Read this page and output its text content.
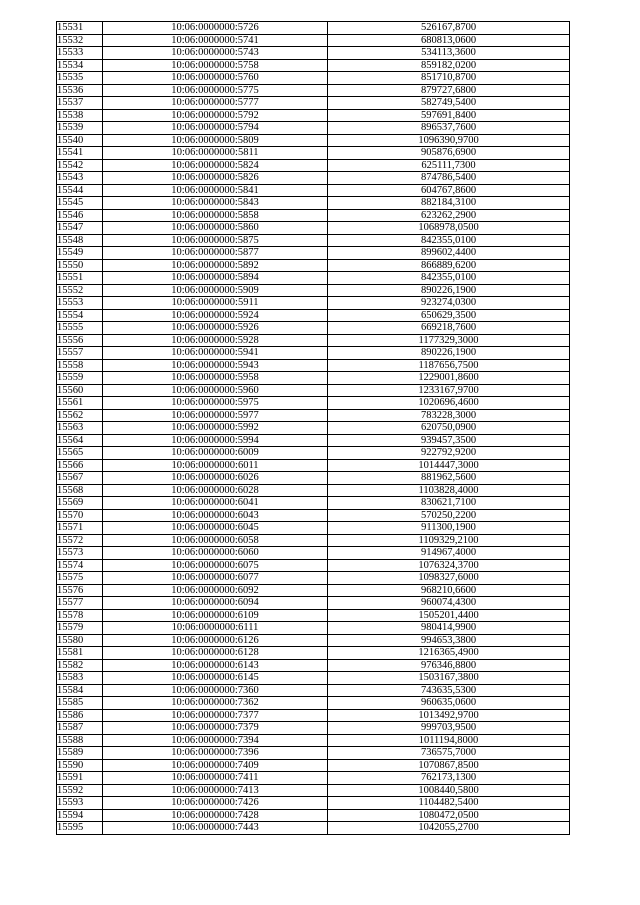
15531	10:06:0000000:5726	526167,8700
15532	10:06:0000000:5741	680813,0600
15533	10:06:0000000:5743	534113,3600
15534	10:06:0000000:5758	859182,0200
15535	10:06:0000000:5760	851710,8700
15536	10:06:0000000:5775	879727,6800
15537	10:06:0000000:5777	582749,5400
15538	10:06:0000000:5792	597691,8400
15539	10:06:0000000:5794	896537,7600
15540	10:06:0000000:5809	1096390,9700
15541	10:06:0000000:5811	905876,6900
15542	10:06:0000000:5824	625111,7300
15543	10:06:0000000:5826	874786,5400
15544	10:06:0000000:5841	604767,8600
15545	10:06:0000000:5843	882184,3100
15546	10:06:0000000:5858	623262,2900
15547	10:06:0000000:5860	1068978,0500
15548	10:06:0000000:5875	842355,0100
15549	10:06:0000000:5877	899602,4400
15550	10:06:0000000:5892	866889,6200
15551	10:06:0000000:5894	842355,0100
15552	10:06:0000000:5909	890226,1900
15553	10:06:0000000:5911	923274,0300
15554	10:06:0000000:5924	650629,3500
15555	10:06:0000000:5926	669218,7600
15556	10:06:0000000:5928	1177329,3000
15557	10:06:0000000:5941	890226,1900
15558	10:06:0000000:5943	1187656,7500
15559	10:06:0000000:5958	1229001,8600
15560	10:06:0000000:5960	1233167,9700
15561	10:06:0000000:5975	1020696,4600
15562	10:06:0000000:5977	783228,3000
15563	10:06:0000000:5992	620750,0900
15564	10:06:0000000:5994	939457,3500
15565	10:06:0000000:6009	922792,9200
15566	10:06:0000000:6011	1014447,3000
15567	10:06:0000000:6026	881962,5600
15568	10:06:0000000:6028	1103828,4000
15569	10:06:0000000:6041	830621,7100
15570	10:06:0000000:6043	570250,2200
15571	10:06:0000000:6045	911300,1900
15572	10:06:0000000:6058	1109329,2100
15573	10:06:0000000:6060	914967,4000
15574	10:06:0000000:6075	1076324,3700
15575	10:06:0000000:6077	1098327,6000
15576	10:06:0000000:6092	968210,6600
15577	10:06:0000000:6094	960074,4300
15578	10:06:0000000:6109	1505201,4400
15579	10:06:0000000:6111	980414,9900
15580	10:06:0000000:6126	994653,3800
15581	10:06:0000000:6128	1216365,4900
15582	10:06:0000000:6143	976346,8800
15583	10:06:0000000:6145	1503167,3800
15584	10:06:0000000:7360	743635,5300
15585	10:06:0000000:7362	960635,0600
15586	10:06:0000000:7377	1013492,9700
15587	10:06:0000000:7379	999703,9500
15588	10:06:0000000:7394	1011194,8000
15589	10:06:0000000:7396	736575,7000
15590	10:06:0000000:7409	1070867,8500
15591	10:06:0000000:7411	762173,1300
15592	10:06:0000000:7413	1008440,5800
15593	10:06:0000000:7426	1104482,5400
15594	10:06:0000000:7428	1080472,0500
15595	10:06:0000000:7443	1042055,2700
